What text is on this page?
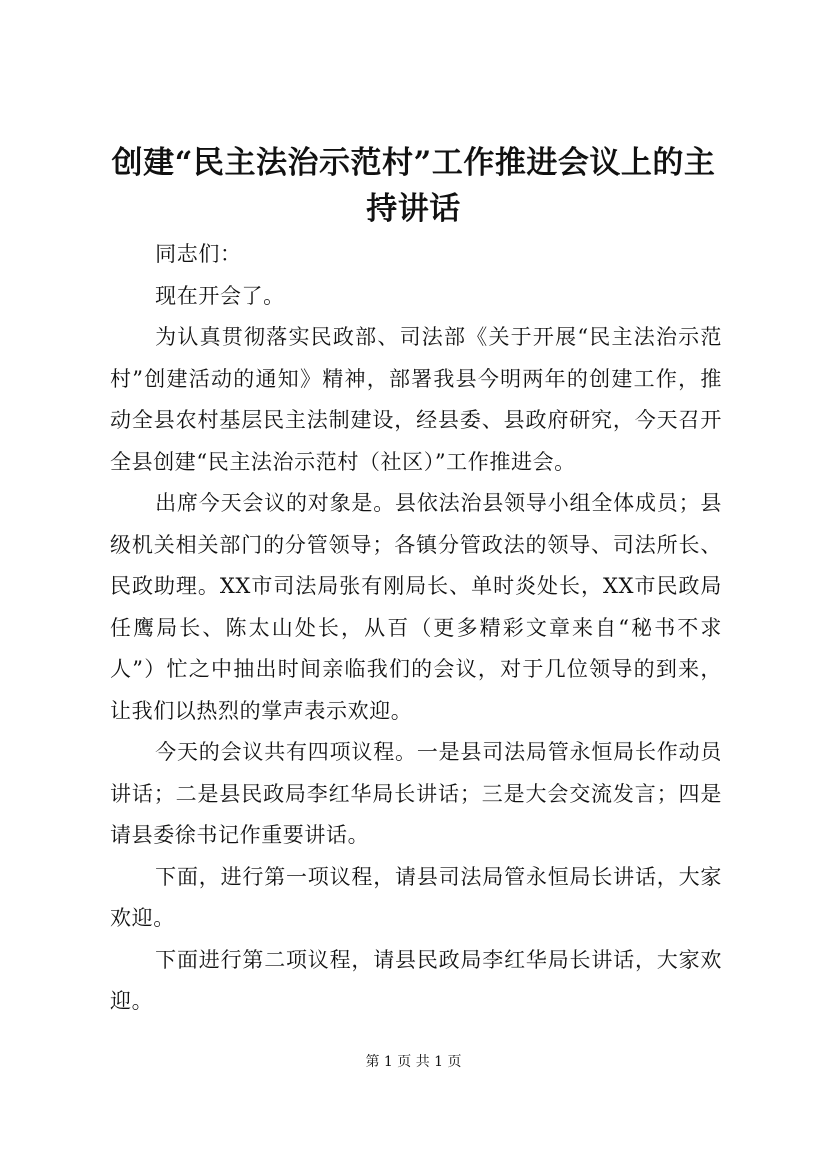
创建“民主法治示范村”工作推进会议上的主持讲话

同志们：

现在开会了。

为认真贯彻落实民政部、司法部《关于开展“民主法治示范村”创建活动的通知》精神，部署我县今明两年的创建工作，推动全县农村基层民主法制建设，经县委、县政府研究，今天召开全县创建“民主法治示范村（社区）”工作推进会。

出席今天会议的对象是。县依法治县领导小组全体成员；县级机关相关部门的分管领导；各镇分管政法的领导、司法所长、民政助理。XX市司法局张有刚局长、单时炎处长，XX市民政局任鹰局长、陈太山处长，从百（更多精彩文章来自“秘书不求人”）忙之中抽出时间亲临我们的会议，对于几位领导的到来，让我们以热烈的掌声表示欢迎。

今天的会议共有四项议程。一是县司法局管永恒局长作动员讲话；二是县民政局李红华局长讲话；三是大会交流发言；四是请县委徐书记作重要讲话。

下面，进行第一项议程，请县司法局管永恒局长讲话，大家欢迎。

下面进行第二项议程，请县民政局李红华局长讲话，大家欢迎。

第 1 页 共 1 页
